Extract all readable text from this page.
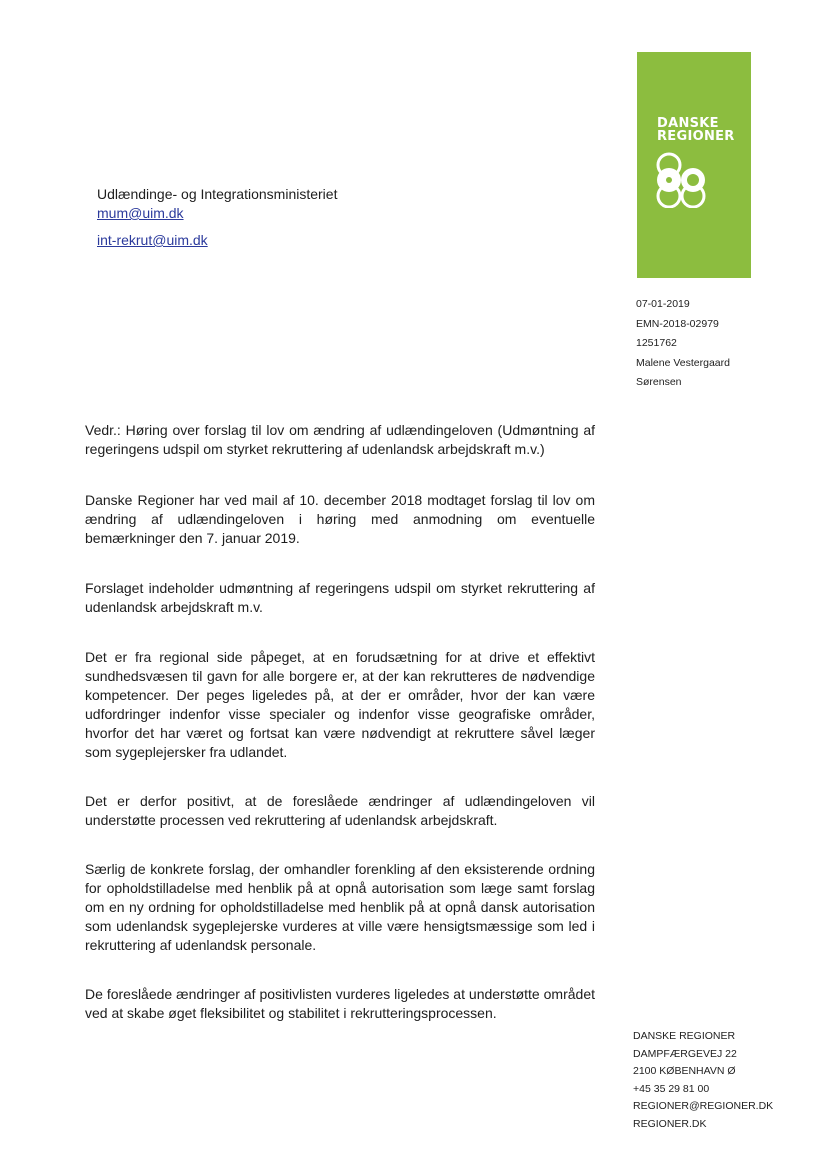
Udlændinge- og Integrationsministeriet
mum@uim.dk
int-rekrut@uim.dk
DANSKE
REGIONER
07-01-2019
EMN-2018-02979
1251762
Malene Vestergaard
Sørensen

Vedr.: Høring over forslag til lov om ændring af udlændingeloven (Udmøntning af regeringens udspil om styrket rekruttering af udenlandsk arbejdskraft m.v.)

Danske Regioner har ved mail af 10. december 2018 modtaget forslag til lov om ændring af udlændingeloven i høring med anmodning om eventuelle bemærkninger den 7. januar 2019.

Forslaget indeholder udmøntning af regeringens udspil om styrket rekruttering af udenlandsk arbejdskraft m.v.

Det er fra regional side påpeget, at en forudsætning for at drive et effektivt sundhedsvæsen til gavn for alle borgere er, at der kan rekrutteres de nødvendige kompetencer. Der peges ligeledes på, at der er områder, hvor der kan være udfordringer indenfor visse specialer og indenfor visse geografiske områder, hvorfor det har været og fortsat kan være nødvendigt at rekruttere såvel læger som sygeplejersker fra udlandet.

Det er derfor positivt, at de foreslåede ændringer af udlændingeloven vil understøtte processen ved rekruttering af udenlandsk arbejdskraft.

Særlig de konkrete forslag, der omhandler forenkling af den eksisterende ordning for opholdstilladelse med henblik på at opnå autorisation som læge samt forslag om en ny ordning for opholdstilladelse med henblik på at opnå dansk autorisation som udenlandsk sygeplejerske vurderes at ville være hensigtsmæssige som led i rekruttering af udenlandsk personale.

De foreslåede ændringer af positivlisten vurderes ligeledes at understøtte området ved at skabe øget fleksibilitet og stabilitet i rekrutteringsprocessen.

DANSKE REGIONER
DAMPFÆRGEVEJ 22
2100 KØBENHAVN Ø
+45 35 29 81 00
REGIONER@REGIONER.DK
REGIONER.DK
